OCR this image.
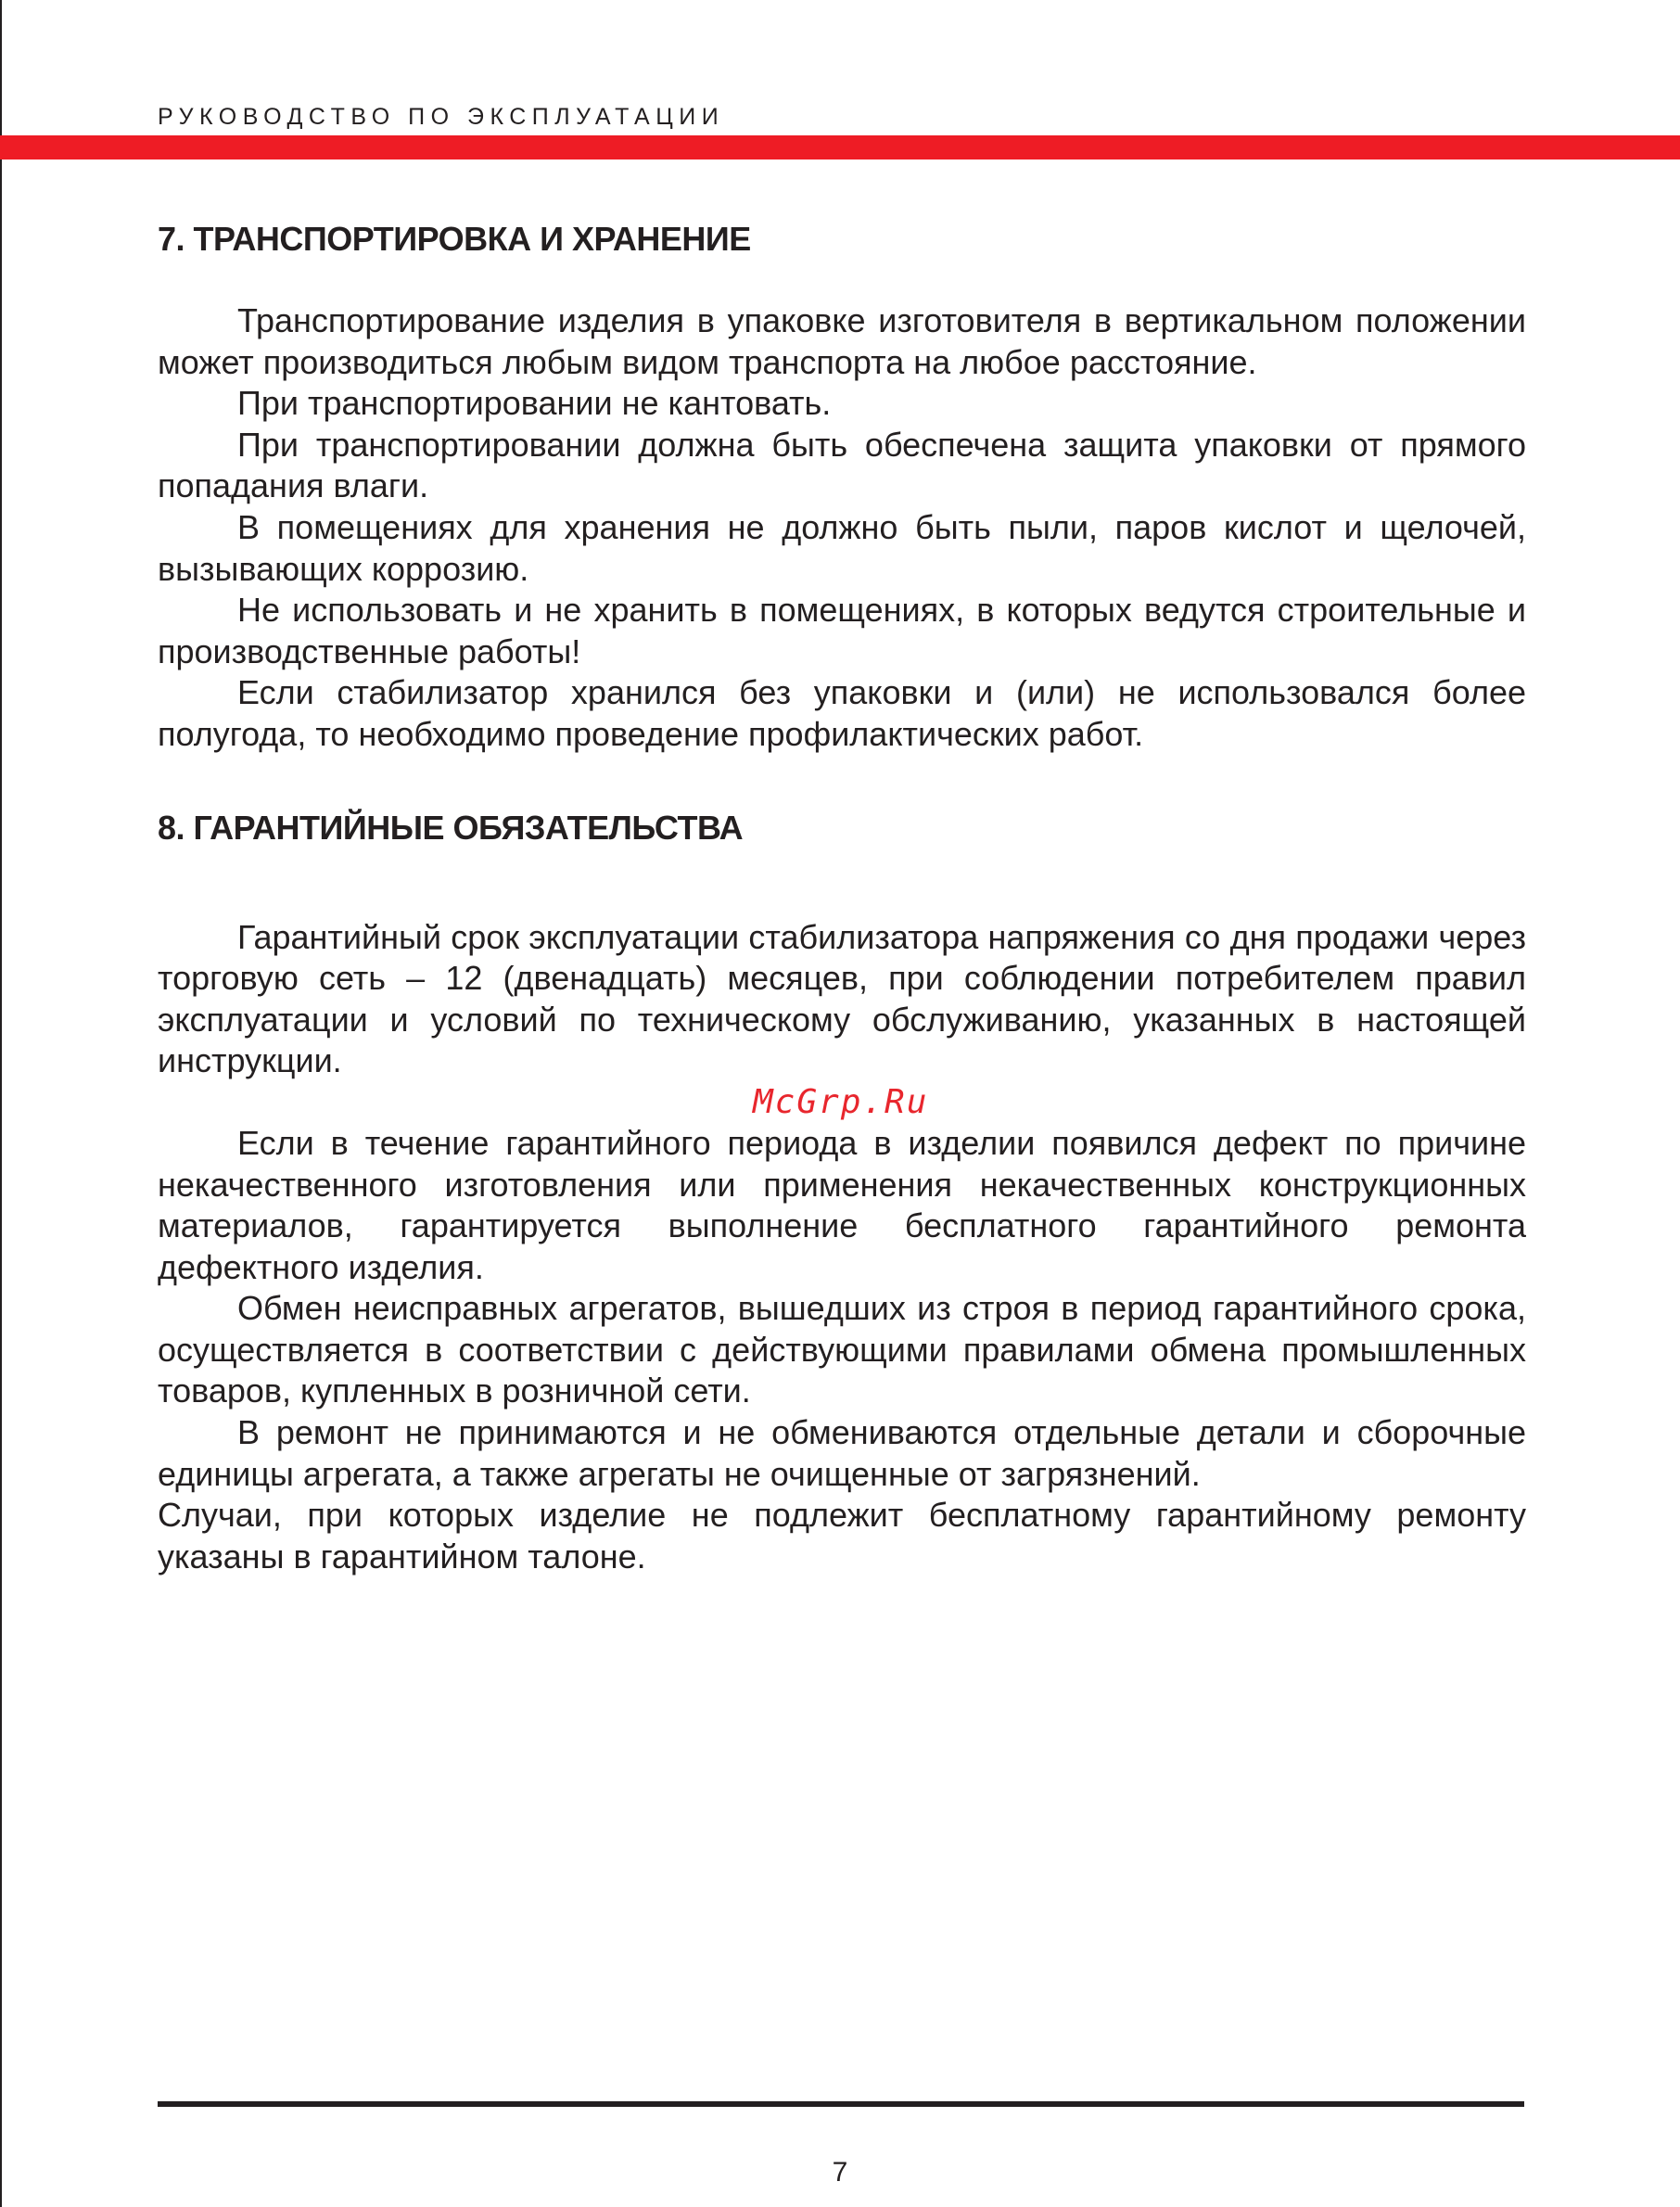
РУКОВОДСТВО ПО ЭКСПЛУАТАЦИИ
7. ТРАНСПОРТИРОВКА И ХРАНЕНИЕ

Транспортирование изделия в упаковке изготовителя в вертикальном положении может производиться любым видом транспорта на любое расстояние.

При транспортировании не кантовать.

При транспортировании должна быть обеспечена защита упаковки от прямого попадания влаги.

В помещениях для хранения не должно быть пыли, паров кислот и щелочей, вызывающих коррозию.

Не использовать и не хранить в помещениях, в которых ведутся строительные и производственные работы!

Если стабилизатор хранился без упаковки и (или) не использовался более полугода, то необходимо проведение профилактических работ.

8. ГАРАНТИЙНЫЕ ОБЯЗАТЕЛЬСТВА

Гарантийный срок эксплуатации стабилизатора напряжения со дня продажи через торговую сеть – 12 (двенадцать) месяцев, при соблюдении потребителем правил эксплуатации и условий по техническому обслуживанию, указанных в настоящей инструкции.

Если в течение гарантийного периода в изделии появился дефект по причине некачественного изготовления или применения некачественных конструкционных материалов, гарантируется выполнение бесплатного гарантийного ремонта дефектного изделия.

Обмен неисправных агрегатов, вышедших из строя в период гарантийного срока, осуществляется в соответствии с действующими правилами обмена промышленных товаров, купленных в розничной сети.

В ремонт не принимаются и не обмениваются отдельные детали и сборочные единицы агрегата, а также агрегаты не очищенные от загрязнений.

Случаи, при которых изделие не подлежит бесплатному гарантийному ремонту указаны в гарантийном талоне.

McGrp.Ru
7
